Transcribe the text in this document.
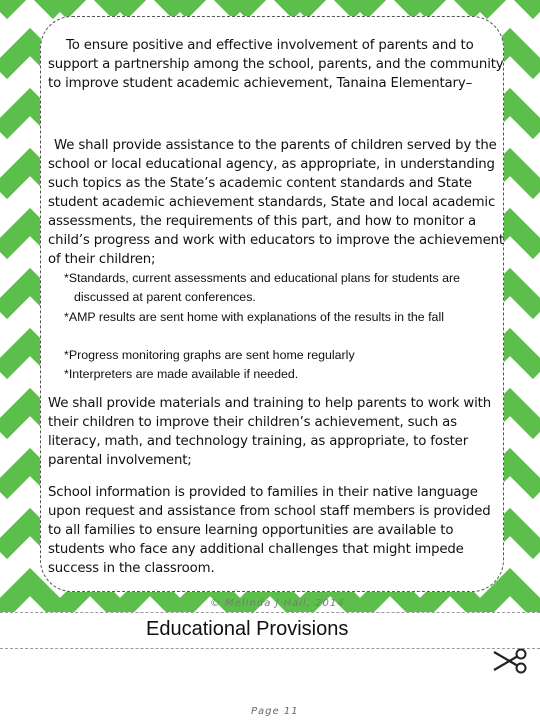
To ensure positive and effective involvement of parents and to support a partnership among the school, parents, and the community to improve student academic achievement, Tanaina Elementary–

We shall provide assistance to the parents of children served by the school or local educational agency, as appropriate, in understanding such topics as the State’s academic content standards and State student academic achievement standards, State and local academic assessments, the requirements of this part, and how to monitor a child’s progress and work with educators to improve the achievement of their children;

*Standards, current assessments and educational plans for students are discussed at parent conferences.

*AMP results are sent home with explanations of the results in the fall

*Progress monitoring graphs are sent home regularly

*Interpreters are made available if needed.

We shall provide materials and training to help parents to work with their children to improve their children’s achievement, such as literacy, math, and technology training, as appropriate, to foster parental involvement;

School information is provided to families in their native language upon request and assistance from school staff members is provided to all families to ensure learning opportunities are available to students who face any additional challenges that might impede success in the classroom.

© Melinda J Hall, 2014
Educational Provisions
Page 11
